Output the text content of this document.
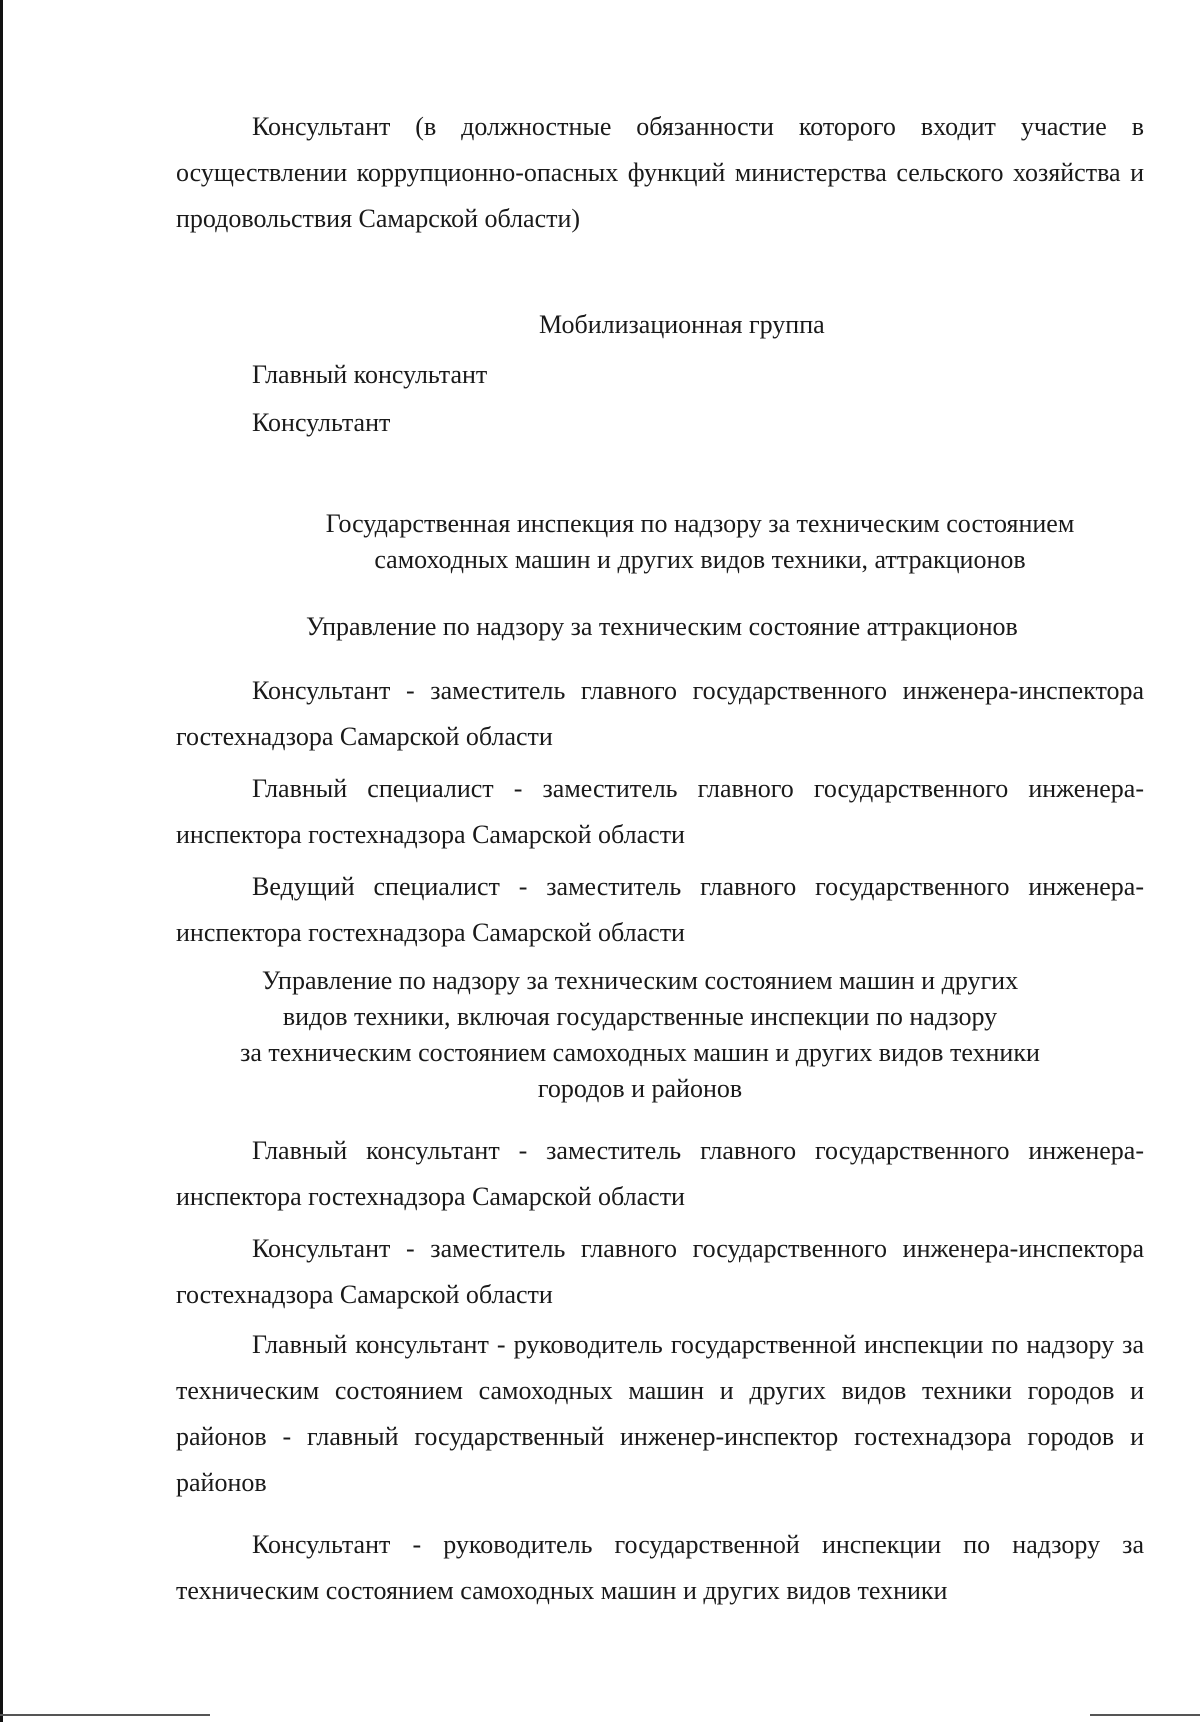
Консультант (в должностные обязанности которого входит участие в осуществлении коррупционно-опасных функций министерства сельского хозяйства и продовольствия Самарской области)
Мобилизационная группа
Главный консультант
Консультант
Государственная инспекция по надзору за техническим состоянием
самоходных машин и других видов техники, аттракционов
Управление по надзору за техническим состояние аттракционов
Консультант - заместитель главного государственного инженера-инспектора гостехнадзора Самарской области
Главный специалист - заместитель главного государственного инженера-инспектора гостехнадзора Самарской области
Ведущий специалист - заместитель главного государственного инженера-инспектора гостехнадзора Самарской области
Управление по надзору за техническим состоянием машин и других
видов техники, включая государственные инспекции по надзору
за техническим состоянием самоходных машин и других видов техники
городов и районов
Главный консультант - заместитель главного государственного инженера-инспектора гостехнадзора Самарской области
Консультант - заместитель главного государственного инженера-инспектора гостехнадзора Самарской области
Главный консультант - руководитель государственной инспекции по надзору за техническим состоянием самоходных машин и других видов техники городов и районов - главный государственный инженер-инспектор гостехнадзора городов и районов
Консультант - руководитель государственной инспекции по надзору за техническим состоянием самоходных машин и других видов техники
